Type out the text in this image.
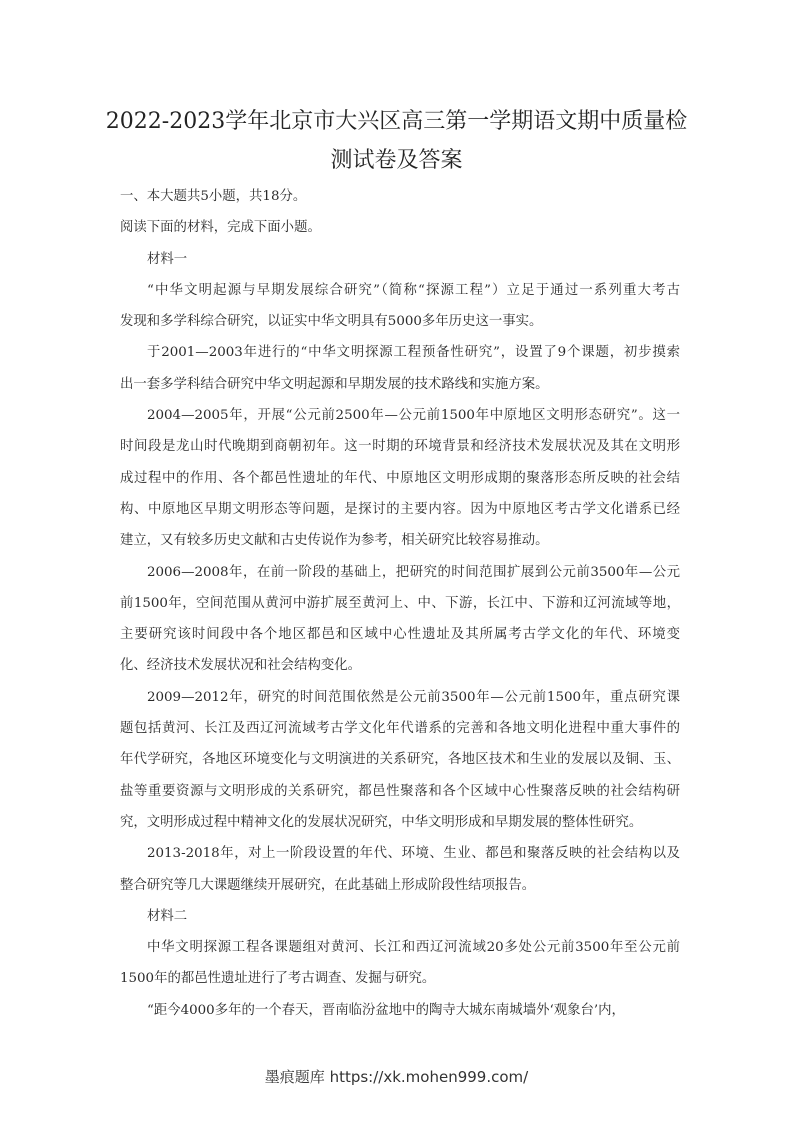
2022-2023学年北京市大兴区高三第一学期语文期中质量检
测试卷及答案
一、本大题共5小题，共18分。
阅读下面的材料，完成下面小题。
材料一
“中华文明起源与早期发展综合研究”（简称“探源工程”）立足于通过一系列重大考古
发现和多学科综合研究，以证实中华文明具有5000多年历史这一事实。
于2001—2003年进行的“中华文明探源工程预备性研究”，设置了9个课题，初步摸索
出一套多学科结合研究中华文明起源和早期发展的技术路线和实施方案。
2004—2005年，开展“公元前2500年—公元前1500年中原地区文明形态研究”。这一
时间段是龙山时代晚期到商朝初年。这一时期的环境背景和经济技术发展状况及其在文明形
成过程中的作用、各个都邑性遗址的年代、中原地区文明形成期的聚落形态所反映的社会结
构、中原地区早期文明形态等问题，是探讨的主要内容。因为中原地区考古学文化谱系已经
建立，又有较多历史文献和古史传说作为参考，相关研究比较容易推动。
2006—2008年，在前一阶段的基础上，把研究的时间范围扩展到公元前3500年—公元
前1500年，空间范围从黄河中游扩展至黄河上、中、下游，长江中、下游和辽河流域等地，
主要研究该时间段中各个地区都邑和区域中心性遗址及其所属考古学文化的年代、环境变
化、经济技术发展状况和社会结构变化。
2009—2012年，研究的时间范围依然是公元前3500年—公元前1500年，重点研究课
题包括黄河、长江及西辽河流域考古学文化年代谱系的完善和各地文明化进程中重大事件的
年代学研究，各地区环境变化与文明演进的关系研究，各地区技术和生业的发展以及铜、玉、
盐等重要资源与文明形成的关系研究，都邑性聚落和各个区域中心性聚落反映的社会结构研
究，文明形成过程中精神文化的发展状况研究，中华文明形成和早期发展的整体性研究。
2013-2018年，对上一阶段设置的年代、环境、生业、都邑和聚落反映的社会结构以及
整合研究等几大课题继续开展研究，在此基础上形成阶段性结项报告。
材料二
中华文明探源工程各课题组对黄河、长江和西辽河流域20多处公元前3500年至公元前
1500年的都邑性遗址进行了考古调查、发掘与研究。
“距今4000多年的一个春天，晋南临汾盆地中的陶寺大城东南城墙外‘观象台’内，
墨痕题库 https://xk.mohen999.com/
